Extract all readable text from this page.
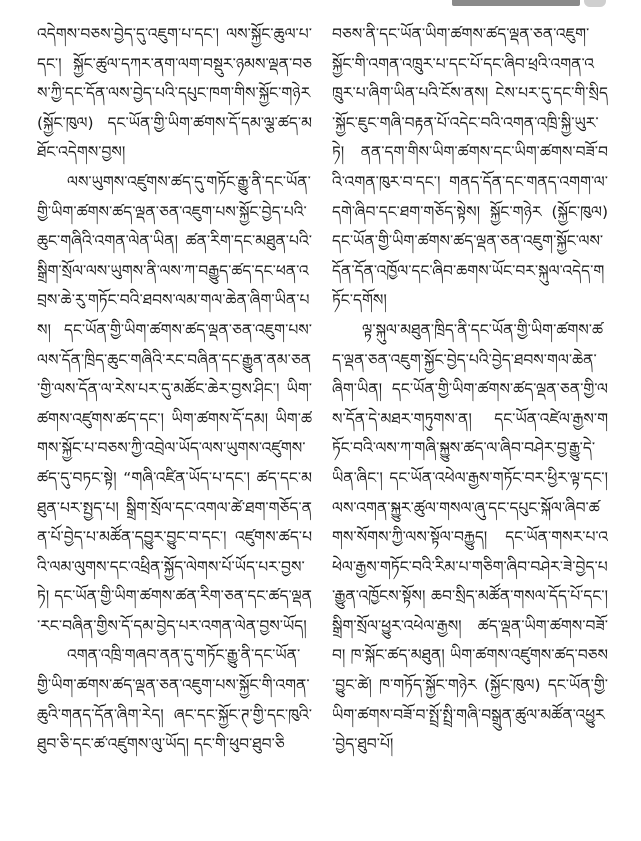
འདེགས་བཅས་བྱེད་དུ་འཇུག་པ་དང་། ལས་སྐྱོང་ཆུལ་པ་དང་། སྐྱོང་ཚུལ་དཀར་ནག་ལག་བསྡུར་ཉམས་ལྡན་བཅས་ཀྱི་དང་དོན་ལས་བྱེད་པའི་དཔུང་ཁག་གིས་སྐྱོང་གཉེར (སྐྱོང་ཁུལ) དང་ཡོན་གྱི་ཡིག་ཚགས་དོ་དམ་ལྕ་ཚད་མཐོང་འདེགས་བྱས།

ལས་ཡུགས་འཛུགས་ཚད་དུ་གཏོང་རྒྱུ་ནི་དང་ཡོན་གྱི་ཡིག་ཚགས་ཚད་ལྡན་ཅན་འཇུག་པས་སྐྱོང་བྱེད་པའི་ཆུང་གཞིའི་འགན་ལེན་ཡིན། ཚན་རིག་དང་མཐུན་པའི་སྒྲིག་སྲོལ་ལས་ཡུགས་ནི་ལས་ཀ་བརྒྱུད་ཚད་དང་ཕན་འབྲས་ཆེ་རུ་གཏོང་བའི་ཐབས་ལམ་གལ་ཆེན་ཞིག་ཡིན་པས། དང་ཡོན་གྱི་ཡིག་ཚགས་ཚད་ལྡན་ཅན་འཇུག་པས་ལས་དོན་ཁྲིད་ཆུང་གཞིའི་རང་བཞིན་དང་རྒྱུན་ནམ་ཅན་གྱི་ལས་དོན་ལ་རེས་པར་དུ་མཚོང་ཆེར་བྱས་ཤིང་། ཡིག་ཚགས་འཛུགས་ཚད་དང་། ཡིག་ཚགས་དོ་དམ། ཡིག་ཚགས་སྐྱོང་པ་བཅས་ཀྱི་འབྲེལ་ཡོད་ལས་ཡུགས་འཛུགས་ཚད་དུ་བཏང་སྟེ། “གཞི་འཛིན་ཡོད་པ་དང་། ཚད་དང་མཐུན་པར་སྤྱད་པ། སྒྲིག་སྲོལ་དང་འགལ་ཚེ་ཐག་གཅོད་ནན་པོ་བྱེད་པ་མཚོན་དབྱུར་བྱུང་བ་དང་། འཛུགས་ཚད་པའི་ལམ་ལུགས་དང་འཕྲིན་སྐྱོད་ལེགས་པོ་ཡོད་པར་བྱས་ཏེ། དང་ཡོན་གྱི་ཡིག་ཚགས་ཚན་རིག་ཅན་དང་ཚད་ལྡན་རང་བཞིན་གྱིས་དོ་དམ་བྱེད་པར་འགན་ལེན་བྱས་ཡོད།

འགན་འཁྲི་གཞབ་ནན་དུ་གཏོང་རྒྱུ་ནི་དང་ཡོན་གྱི་ཡིག་ཚགས་ཚད་ལྡན་ཅན་འཇུག་པས་སྐྱོང་གི་འགན་ཆུའི་གནད་དོན་ཞིག་རེད། ཞང་དང་སྐྱོང་ཊ་གྱི་དང་ཁུའི་ཐུབ་ཅི་དང་ཚ་འཛུགས་ལུ་ཡོད། དང་གི་ཕུབ་ཐུབ་ཅི

བཅས་ནི་དང་ཡོན་ཡིག་ཚགས་ཚད་ལྡན་ཅན་འཇུག་སྐྱོང་གི་འགན་འཁྲུར་པ་དང་པོ་དང་ཞིབ་ཕྲའི་འགན་འཁྲུར་པ་ཞིག་ཡིན་པའི་ངོས་ནས། ངེས་པར་དུ་དང་གི་སྲིད་སྐྱོང་ཇུང་གཞི་བརྟན་པོ་འདེང་བའི་འགན་འཁྲི་སྐྱི་ཡུར་ཏེ། ནན་དག་གིས་ཡིག་ཚགས་དང་ཡིག་ཚགས་བཟོ་བའི་འགན་ཁུར་བ་དང་། གནད་དོན་དང་གནད་འགག་ལ་དགེ་ཞིབ་དང་ཐག་གཅོད་སྟེས། སྐྱོང་གཉེར (སྐྱོང་ཁུལ) དང་ཡོན་གྱི་ཡིག་ཚགས་ཚད་ལྡན་ཅན་འཇུག་སྐྱོང་ལས་དོན་དོན་འཁྱོལ་དང་ཞིབ་ཆགས་ཡོང་བར་སྐུལ་འདེད་གཏོང་དགོས།

ལྟ་སྐུལ་མཐུན་ཁྲིད་ནི་དང་ཡོན་གྱི་ཡིག་ཚགས་ཚད་ལྡན་ཅན་འཇུག་སྐྱོང་བྱེད་པའི་བྱེད་ཐབས་གལ་ཆེན་ཞིག་ཡིན། དང་ཡོན་གྱི་ཡིག་ཚགས་ཚད་ལྡན་ཅན་གྱི་ལས་དོན་དེ་མཐར་གཏུགས་ན། དང་ཡོན་འཛེལ་རྒྱས་གཏོང་བའི་ལས་ཀ་གཞི་སྐྱུས་ཚད་ལ་ཞིབ་བཤེར་བྱ་རྒྱུ་དེ་ཡིན་ཞིང་། དང་ཡོན་འཕེལ་རྒྱས་གཏོང་བར་ཕྱིར་ལྟ་དང་། ལས་འགན་སྐྱུར་ཚུལ་གསལ་ཞུ་དང་དཔུང་སྐོལ་ཞིབ་ཚགས་སོགས་ཀྱི་ལས་སྟོལ་བརྐྱུད། དང་ཡོན་གསར་པ་འཕེལ་རྒྱས་གཏོང་བའི་རིམ་པ་གཅིག་ཞིབ་བཤེར་ཟེ་བྱེད་པ་རྒྱུན་འཁྱོངས་སྟོས། ཆབ་སྲིད་མཚོན་གསལ་དོད་པོ་དང་། སྒྲིག་སྲོལ་ཕྱུར་འཕེལ་རྒྱས། ཚད་ལྡན་ཡིག་ཚགས་བཟོ་བ། ཁ་སྐོང་ཚད་མཐུན། ཡིག་ཚགས་འཛུགས་ཚད་བཅས་བྱུང་ཚེ། ཁ་གཏོད་སྐྱོང་གཉེར (སྐྱོང་ཁུལ) དང་ཡོན་གྱི་ཡིག་ཚགས་བཟོ་བ་སྤྲོ་སྤྲི་གཞི་བསྒྲུན་ཚུལ་མཚོན་འཕྱུར་བྱེད་ཐུབ་པོ།
